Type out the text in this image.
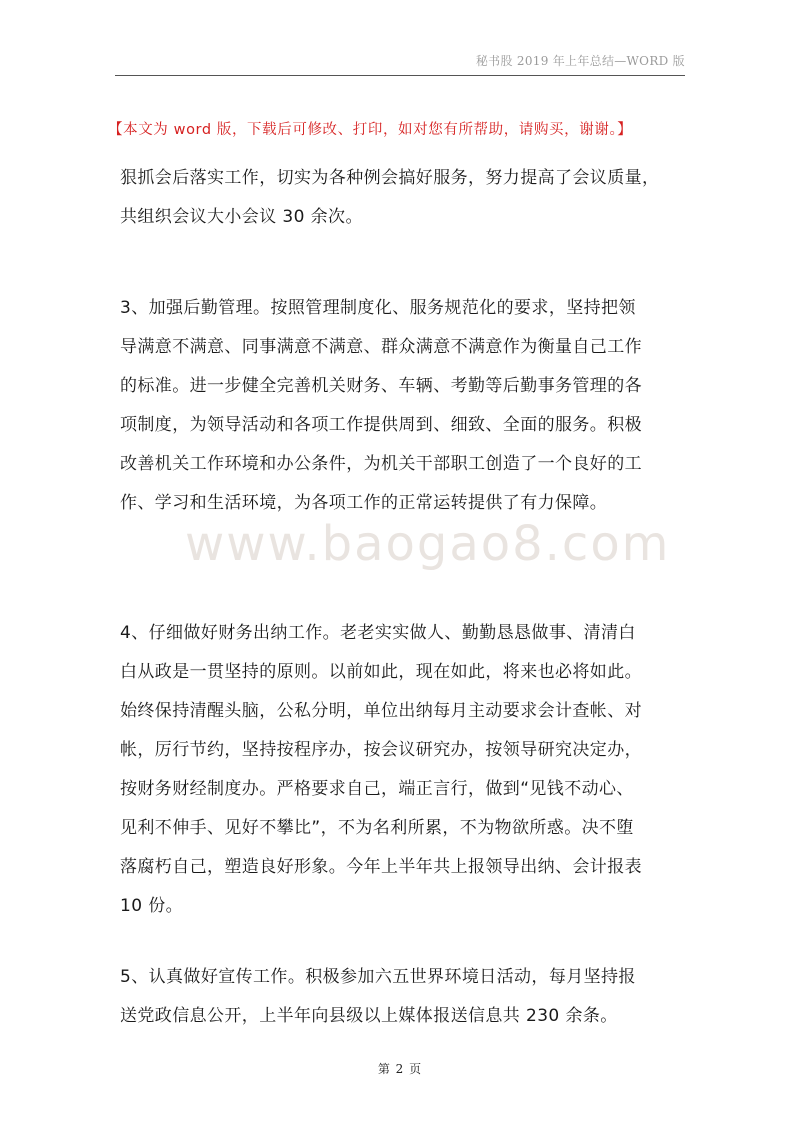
秘书股 2019 年上年总结—WORD 版
【本文为 word 版，下载后可修改、打印，如对您有所帮助，请购买，谢谢。】
www.baogao8.com
狠抓会后落实工作，切实为各种例会搞好服务，努力提高了会议质量，
共组织会议大小会议 30 余次。
3、加强后勤管理。按照管理制度化、服务规范化的要求，坚持把领
导满意不满意、同事满意不满意、群众满意不满意作为衡量自己工作
的标准。进一步健全完善机关财务、车辆、考勤等后勤事务管理的各
项制度，为领导活动和各项工作提供周到、细致、全面的服务。积极
改善机关工作环境和办公条件，为机关干部职工创造了一个良好的工
作、学习和生活环境，为各项工作的正常运转提供了有力保障。
4、仔细做好财务出纳工作。老老实实做人、勤勤恳恳做事、清清白
白从政是一贯坚持的原则。以前如此，现在如此，将来也必将如此。
始终保持清醒头脑，公私分明，单位出纳每月主动要求会计查帐、对
帐，厉行节约，坚持按程序办，按会议研究办，按领导研究决定办，
按财务财经制度办。严格要求自己，端正言行，做到“见钱不动心、
见利不伸手、见好不攀比”，不为名利所累，不为物欲所惑。决不堕
落腐朽自己，塑造良好形象。今年上半年共上报领导出纳、会计报表
10 份。
5、认真做好宣传工作。积极参加六五世界环境日活动，每月坚持报
送党政信息公开，上半年向县级以上媒体报送信息共 230 余条。
第 2 页
